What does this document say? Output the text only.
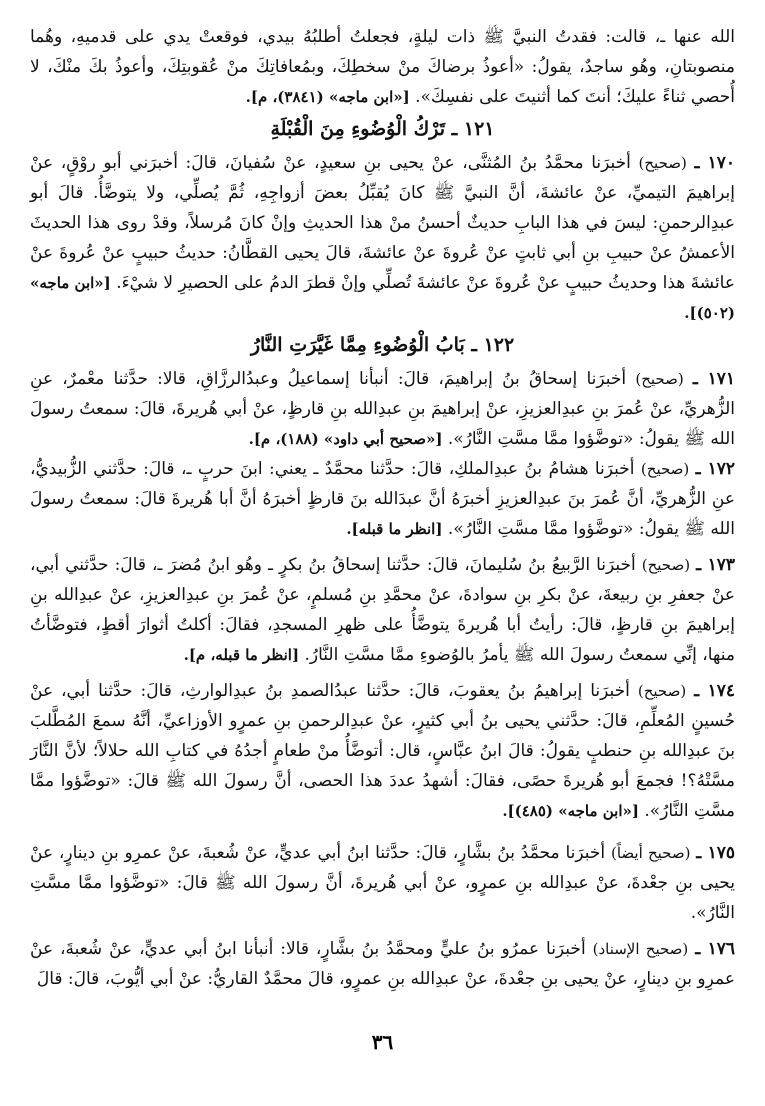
الله عنها ـ، قالت: فقدتُ النبيَّ ﷺ ذات ليلةٍ، فجعلتُ أطلبُهُ بيدي، فوقعتْ يدي على قدميهِ، وهُما منصوبتانِ، وهُو ساجدٌ، يقولُ: «أعوذُ برضاكَ منْ سخطِكَ، وبمُعافاتِكَ منْ عُقوبتِكَ، وأعوذُ بكَ منْكَ، لا أُحصي ثناءً عليكَ؛ أنتَ كما أثنيتَ على نفسِكَ». [«ابن ماجه» (٣٨٤١)، م].

١٢١ ـ تَرْكُ الْوُضُوءِ مِنَ الْقُبْلَةِ

١٧٠ ـ (صحيح) أخبرَنا محمَّدُ بنُ المُثنَّى، عنْ يحيى بنِ سعيدٍ، عنْ سُفيانَ، قالَ: أخبرَني أبو روْقٍ، عنْ إبراهيمَ التيميِّ، عنْ عائشةَ، أنَّ النبيَّ ﷺ كانَ يُقبِّلُ بعضَ أزواجِهِ، ثُمَّ يُصلِّي، ولا يتوضَّأُ. قالَ أبو عبدِالرحمنِ: ليسَ في هذا البابِ حديثٌ أحسنُ منْ هذا الحديثِ وإنْ كانَ مُرسلاً، وقدْ روى هذا الحديثَ الأعمشُ عنْ حبيبِ بنِ أبي ثابتٍ عنْ عُروةَ عنْ عائشةَ، قالَ يحيى القطَّانُ: حديثُ حبيبٍ عنْ عُروةَ عنْ عائشةَ هذا وحديثُ حبيبٍ عنْ عُروةَ عنْ عائشةَ تُصلِّي وإنْ قطرَ الدمُ على الحصيرِ لا شيْءَ. [«ابن ماجه» (٥٠٢)].

١٢٢ ـ بَابُ الْوُضُوءِ مِمَّا غَيَّرَتِ النَّارُ

١٧١ ـ (صحيح) أخبرَنا إسحاقُ بنُ إبراهيمَ، قالَ: أنبأنا إسماعيلُ وعبدُالرزَّاقِ، قالا: حدَّثنا معْمرٌ، عنِ الزُّهريِّ، عنْ عُمرَ بنِ عبدِالعزيزِ، عنْ إبراهيمَ بنِ عبدِالله بنِ قارظٍ، عنْ أبي هُريرةَ، قالَ: سمعتُ رسولَ الله ﷺ يقولُ: «توضَّؤوا ممَّا مسَّتِ النَّارُ». [«صحيح أبي داود» (١٨٨)، م].

١٧٢ ـ (صحيح) أخبرَنا هشامُ بنُ عبدِالملكِ، قالَ: حدَّثنا محمَّدٌ ـ يعني: ابنَ حربٍ ـ، قالَ: حدَّثني الزُّبيديُّ، عنِ الزُّهريِّ، أنَّ عُمرَ بنَ عبدِالعزيزِ أخبرَهُ أنَّ عبدَالله بنَ قارظٍ أخبرَهُ أنَّ أبا هُريرةَ قالَ: سمعتُ رسولَ الله ﷺ يقولُ: «توضَّؤوا ممَّا مسَّتِ النَّارُ». [انظر ما قبله].

١٧٣ ـ (صحيح) أخبرَنا الرَّبيعُ بنُ سُليمانَ، قالَ: حدَّثنا إسحاقُ بنُ بكرٍ ـ وهُو ابنُ مُضرَ ـ، قالَ: حدَّثني أبي، عنْ جعفرِ بنِ ربيعةَ، عنْ بكرِ بنِ سوادةَ، عنْ محمَّدِ بنِ مُسلمٍ، عنْ عُمرَ بنِ عبدِالعزيزِ، عنْ عبدِالله بنِ إبراهيمَ بنِ قارظٍ، قالَ: رأيتُ أبا هُريرةَ يتوضَّأُ على ظهرِ المسجدِ، فقالَ: أكلتُ أثوارَ أقطٍ، فتوضَّأتُ منها، إنِّي سمعتُ رسولَ الله ﷺ يأمرُ بالوُضوءِ ممَّا مسَّتِ النَّارُ. [انظر ما قبله، م].

١٧٤ ـ (صحيح) أخبرَنا إبراهيمُ بنُ يعقوبَ، قالَ: حدَّثنا عبدُالصمدِ بنُ عبدِالوارثِ، قالَ: حدَّثنا أبي، عنْ حُسينٍ المُعلِّمِ، قالَ: حدَّثني يحيى بنُ أبي كثيرٍ، عنْ عبدِالرحمنِ بنِ عمرٍو الأوزاعيِّ، أنَّهُ سمعَ المُطَّلبَ بنَ عبدِالله بنِ حنطبٍ يقولُ: قالَ ابنُ عبَّاسٍ، قال: أتوضَّأُ منْ طعامٍ أجدُهُ في كتابِ الله حلالاً؛ لأنَّ النَّارَ مسَّتْهُ؟! فجمعَ أبو هُريرةَ حصًى، فقالَ: أشهدُ عددَ هذا الحصى، أنَّ رسولَ الله ﷺ قالَ: «توضَّؤوا ممَّا مسَّتِ النَّارُ». [«ابن ماجه» (٤٨٥)].

١٧٥ ـ (صحيح أيضاً) أخبرَنا محمَّدُ بنُ بشَّارٍ، قالَ: حدَّثنا ابنُ أبي عديٍّ، عنْ شُعبةَ، عنْ عمرِو بنِ دينارٍ، عنْ يحيى بنِ جعْدةَ، عنْ عبدِالله بنِ عمرٍو، عنْ أبي هُريرةَ، أنَّ رسولَ الله ﷺ قالَ: «توضَّؤوا ممَّا مسَّتِ النَّارُ».

١٧٦ ـ (صحيح الإسناد) أخبرَنا عمرُو بنُ عليٍّ ومحمَّدُ بنُ بشَّارٍ، قالا: أنبأنا ابنُ أبي عديٍّ، عنْ شُعبةَ، عنْ عمرِو بنِ دينارٍ، عنْ يحيى بنِ جعْدةَ، عنْ عبدِالله بنِ عمرٍو، قالَ محمَّدٌ القاريُّ: عنْ أبي أيُّوبَ، قالَ: قالَ

٣٦
